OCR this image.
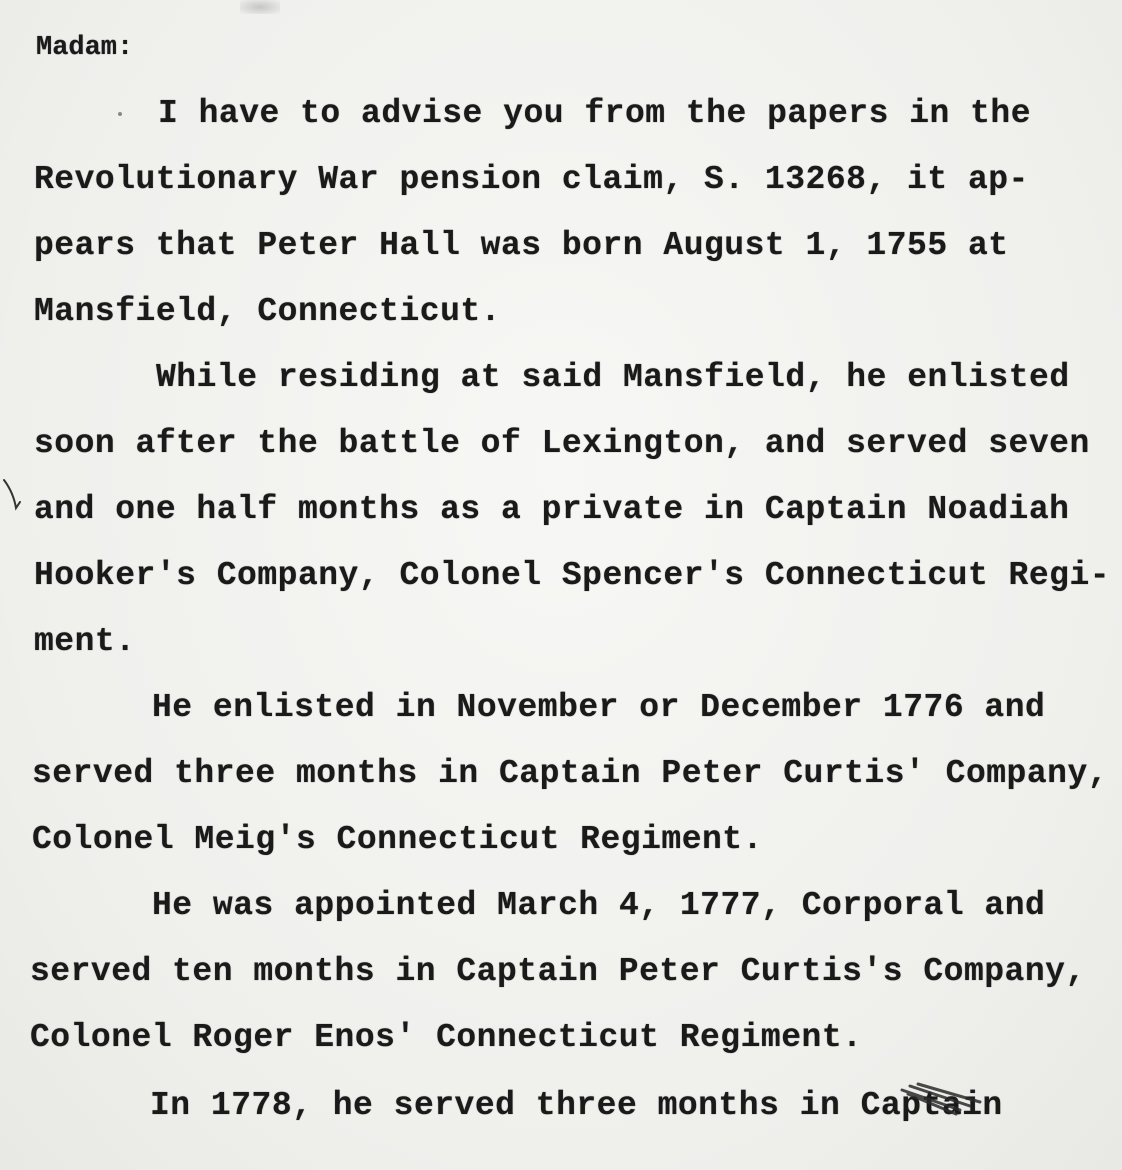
Madam:
I have to advise you from the papers in the
Revolutionary War pension claim, S. 13268, it ap-
pears that Peter Hall was born August 1, 1755 at
Mansfield, Connecticut.
While residing at said Mansfield, he enlisted
soon after the battle of Lexington, and served seven
and one half months as a private in Captain Noadiah
Hooker's Company, Colonel Spencer's Connecticut Regi-
ment.
He enlisted in November or December 1776 and
served three months in Captain Peter Curtis' Company,
Colonel Meig's Connecticut Regiment.
He was appointed March 4, 1777, Corporal and
served ten months in Captain Peter Curtis's Company,
Colonel Roger Enos' Connecticut Regiment.
In 1778, he served three months in Captain
